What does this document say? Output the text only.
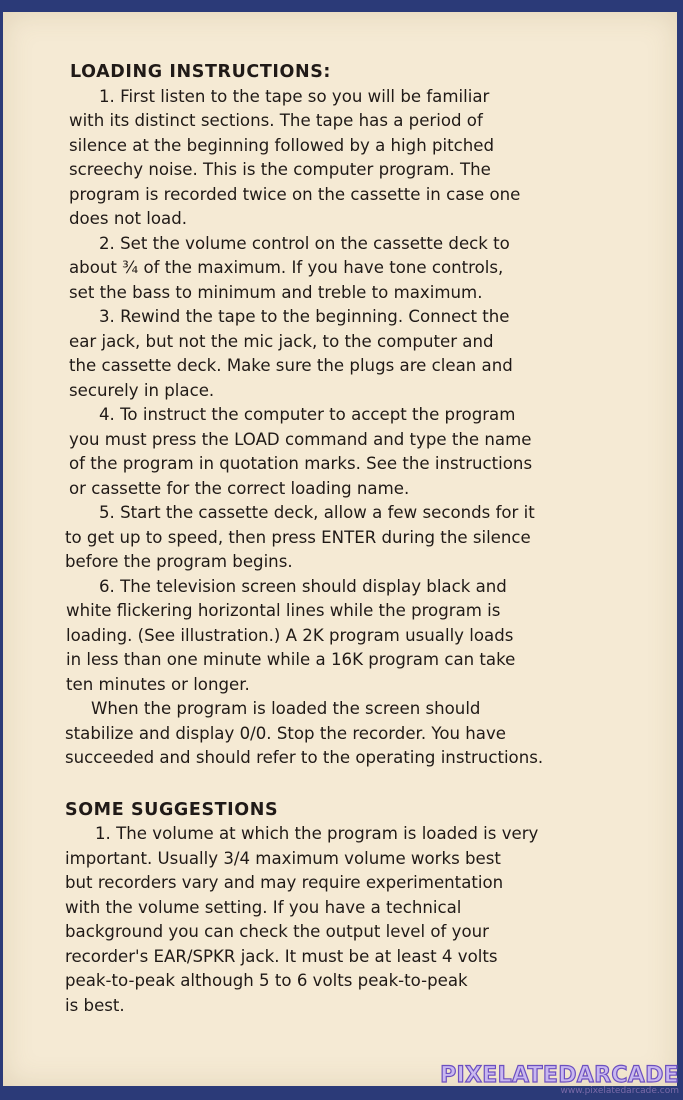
LOADING INSTRUCTIONS:
1. First listen to the tape so you will be familiar
with its distinct sections. The tape has a period of
silence at the beginning followed by a high pitched
screechy noise. This is the computer program. The
program is recorded twice on the cassette in case one
does not load.
2. Set the volume control on the cassette deck to
about ¾ of the maximum. If you have tone controls,
set the bass to minimum and treble to maximum.
3. Rewind the tape to the beginning. Connect the
ear jack, but not the mic jack, to the computer and
the cassette deck. Make sure the plugs are clean and
securely in place.
4. To instruct the computer to accept the program
you must press the LOAD command and type the name
of the program in quotation marks. See the instructions
or cassette for the correct loading name.
5. Start the cassette deck, allow a few seconds for it
to get up to speed, then press ENTER during the silence
before the program begins.
6. The television screen should display black and
white flickering horizontal lines while the program is
loading. (See illustration.) A 2K program usually loads
in less than one minute while a 16K program can take
ten minutes or longer.
When the program is loaded the screen should
stabilize and display 0/0. Stop the recorder. You have
succeeded and should refer to the operating instructions.
SOME SUGGESTIONS
1. The volume at which the program is loaded is very
important. Usually 3/4 maximum volume works best
but recorders vary and may require experimentation
with the volume setting. If you have a technical
background you can check the output level of your
recorder's EAR/SPKR jack. It must be at least 4 volts
peak-to-peak although 5 to 6 volts peak-to-peak
is best.
PIXELATEDARCADE
www.pixelatedarcade.com
